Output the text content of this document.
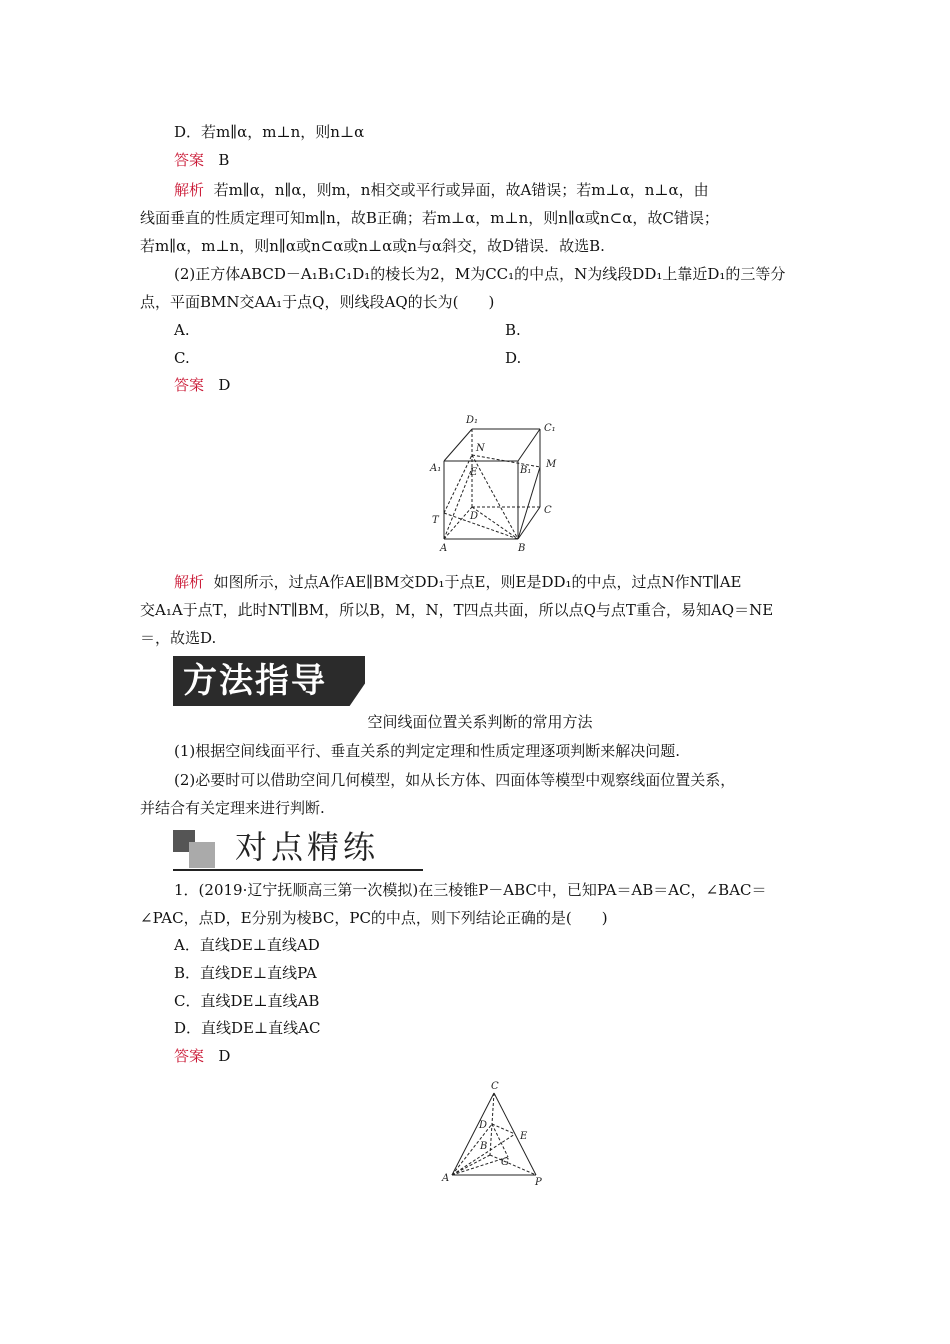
D．若m∥α，m⊥n，则n⊥α
答案 B
解析 若m∥α，n∥α，则m，n相交或平行或异面，故A错误；若m⊥α，n⊥α，由
线面垂直的性质定理可知m∥n，故B正确；若m⊥α，m⊥n，则n∥α或n⊂α，故C错误；
若m∥α，m⊥n，则n∥α或n⊂α或n⊥α或n与α斜交，故D错误．故选B.
(2)正方体ABCD－A₁B₁C₁D₁的棱长为2，M为CC₁的中点，N为线段DD₁上靠近D₁的三等分
点，平面BMN交AA₁于点Q，则线段AQ的长为(　　)
A.	B.
C.	D.
答案 D
D₁
C₁
N
A₁	E	B₁
M
D
C
T
A	B
解析 如图所示，过点A作AE∥BM交DD₁于点E，则E是DD₁的中点，过点N作NT∥AE
交A₁A于点T，此时NT∥BM，所以B，M，N，T四点共面，所以点Q与点T重合，易知AQ＝NE
＝，故选D.
方法指导
空间线面位置关系判断的常用方法
(1)根据空间线面平行、垂直关系的判定定理和性质定理逐项判断来解决问题.
(2)必要时可以借助空间几何模型，如从长方体、四面体等模型中观察线面位置关系，
并结合有关定理来进行判断.
对点精练
1．(2019·辽宁抚顺高三第一次模拟)在三棱锥P－ABC中，已知PA＝AB＝AC，∠BAC＝
∠PAC，点D，E分别为棱BC，PC的中点，则下列结论正确的是(　　)
A．直线DE⊥直线AD
B．直线DE⊥直线PA
C．直线DE⊥直线AB
D．直线DE⊥直线AC
答案 D
C
D
E
B
G
A	P
